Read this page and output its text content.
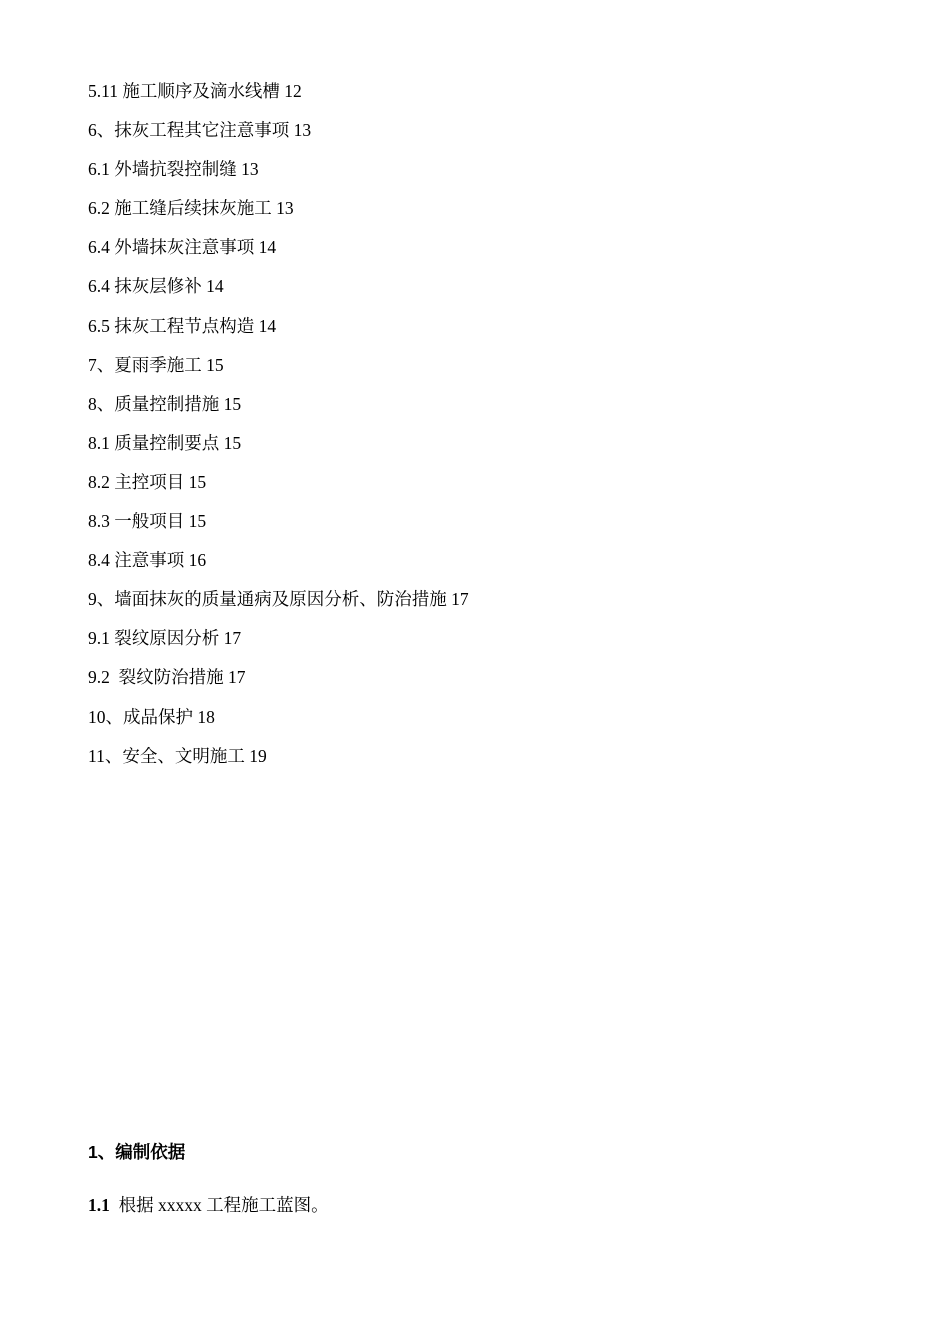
5.11 施工顺序及滴水线槽 12
6、抹灰工程其它注意事项 13
6.1 外墙抗裂控制缝 13
6.2 施工缝后续抹灰施工 13
6.4 外墙抹灰注意事项 14
6.4 抹灰层修补 14
6.5 抹灰工程节点构造 14
7、夏雨季施工 15
8、质量控制措施 15
8.1 质量控制要点 15
8.2 主控项目 15
8.3 一般项目 15
8.4 注意事项 16
9、墙面抹灰的质量通病及原因分析、防治措施 17
9.1 裂纹原因分析 17
9.2  裂纹防治措施 17
10、成品保护 18
11、安全、文明施工 19
1、编制依据

1.1  根据 xxxxx 工程施工蓝图。
